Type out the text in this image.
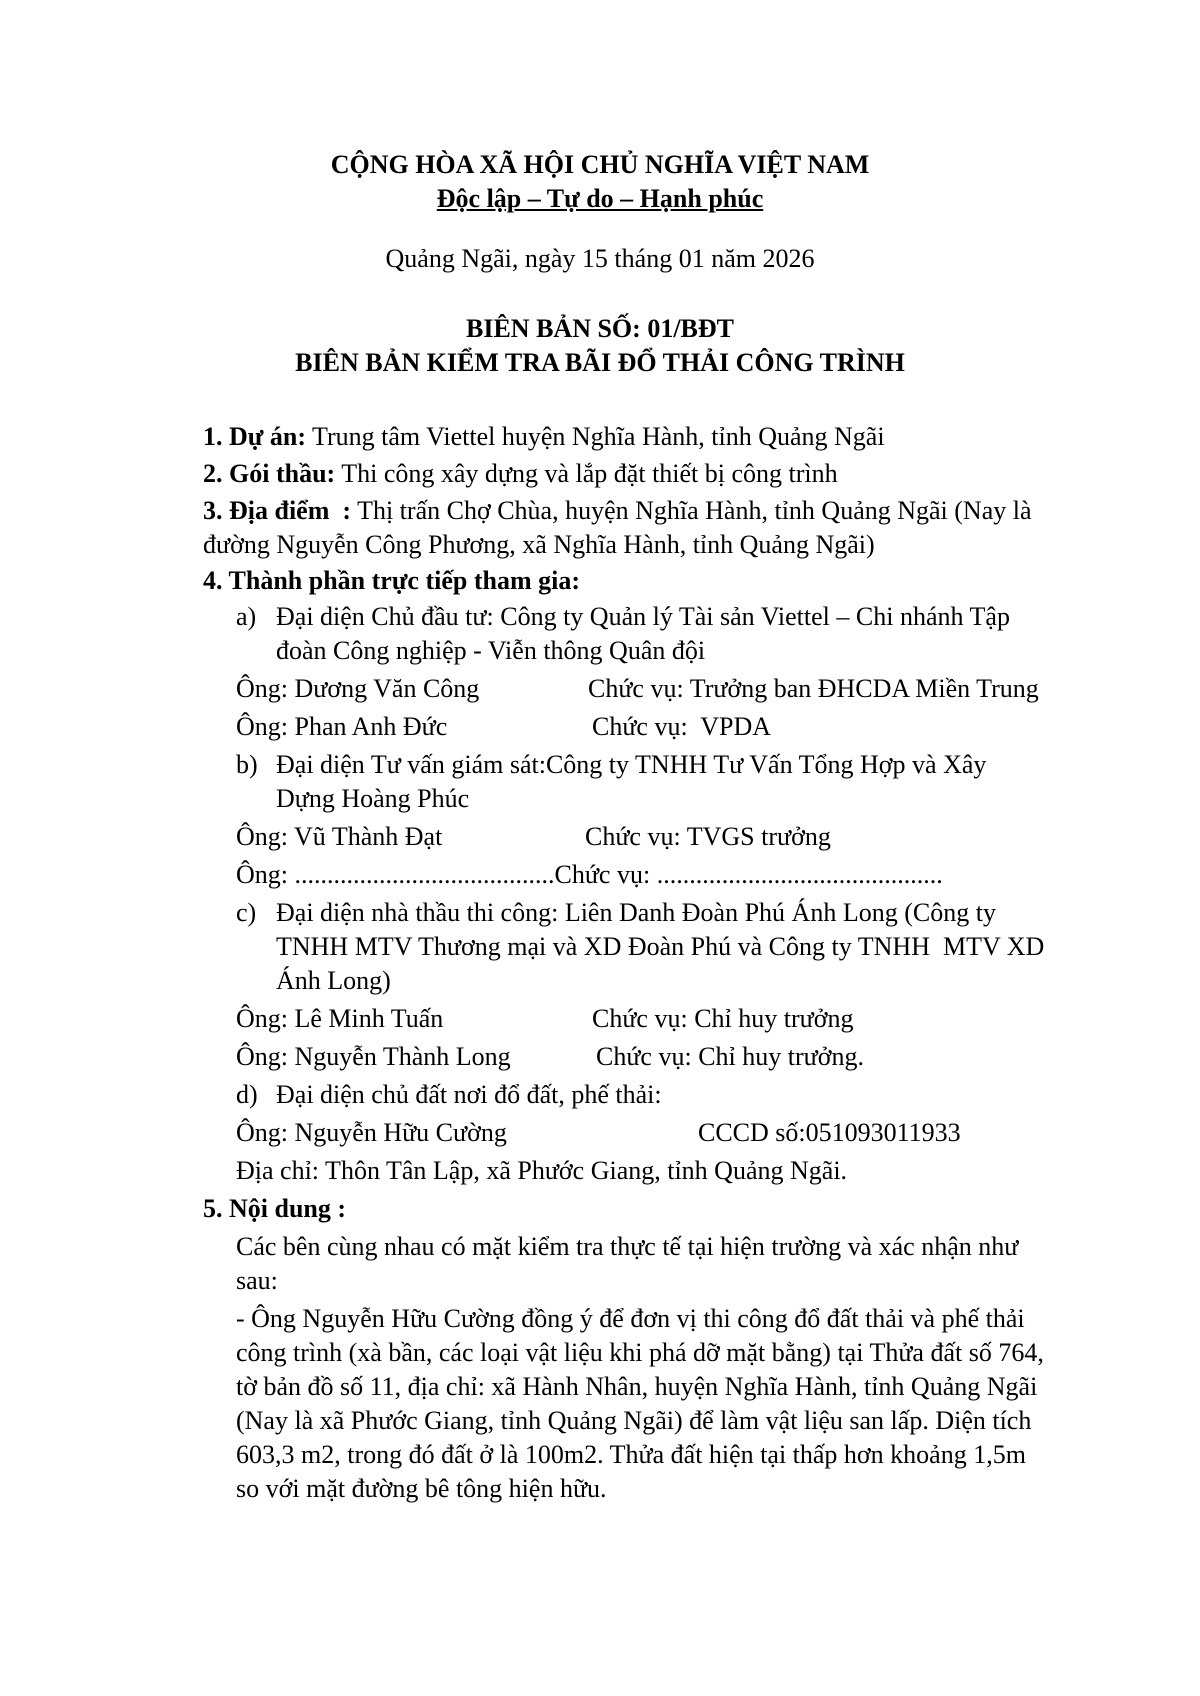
CỘNG HÒA XÃ HỘI CHỦ NGHĨA VIỆT NAM
Độc lập – Tự do – Hạnh phúc
Quảng Ngãi, ngày 15 tháng 01 năm 2026
BIÊN BẢN SỐ: 01/BĐT
BIÊN BẢN KIỂM TRA BÃI ĐỔ THẢI CÔNG TRÌNH
1. Dự án: Trung tâm Viettel huyện Nghĩa Hành, tỉnh Quảng Ngãi
2. Gói thầu: Thi công xây dựng và lắp đặt thiết bị công trình
3. Địa điểm  : Thị trấn Chợ Chùa, huyện Nghĩa Hành, tỉnh Quảng Ngãi (Nay là
đường Nguyễn Công Phương, xã Nghĩa Hành, tỉnh Quảng Ngãi)
4. Thành phần trực tiếp tham gia:
a) Đại diện Chủ đầu tư: Công ty Quản lý Tài sản Viettel – Chi nhánh Tập
đoàn Công nghiệp - Viễn thông Quân đội
Ông: Dương Văn Công	Chức vụ: Trưởng ban ĐHCDA Miền Trung
Ông: Phan Anh Đức	Chức vụ:  VPDA
b) Đại diện Tư vấn giám sát:Công ty TNHH Tư Vấn Tổng Hợp và Xây
Dựng Hoàng Phúc
Ông: Vũ Thành Đạt	Chức vụ: TVGS trưởng
Ông: ........................................Chức vụ: ............................................
c) Đại diện nhà thầu thi công: Liên Danh Đoàn Phú Ánh Long (Công ty
TNHH MTV Thương mại và XD Đoàn Phú và Công ty TNHH  MTV XD
Ánh Long)
Ông: Lê Minh Tuấn	Chức vụ: Chỉ huy trưởng
Ông: Nguyễn Thành Long	Chức vụ: Chỉ huy trưởng.
d) Đại diện chủ đất nơi đổ đất, phế thải:
Ông: Nguyễn Hữu Cường	CCCD số:051093011933
Địa chỉ: Thôn Tân Lập, xã Phước Giang, tỉnh Quảng Ngãi.
5. Nội dung :
Các bên cùng nhau có mặt kiểm tra thực tế tại hiện trường và xác nhận như
sau:
- Ông Nguyễn Hữu Cường đồng ý để đơn vị thi công đổ đất thải và phế thải
công trình (xà bần, các loại vật liệu khi phá dỡ mặt bằng) tại Thửa đất số 764,
tờ bản đồ số 11, địa chỉ: xã Hành Nhân, huyện Nghĩa Hành, tỉnh Quảng Ngãi
(Nay là xã Phước Giang, tỉnh Quảng Ngãi) để làm vật liệu san lấp. Diện tích
603,3 m2, trong đó đất ở là 100m2. Thửa đất hiện tại thấp hơn khoảng 1,5m
so với mặt đường bê tông hiện hữu.
